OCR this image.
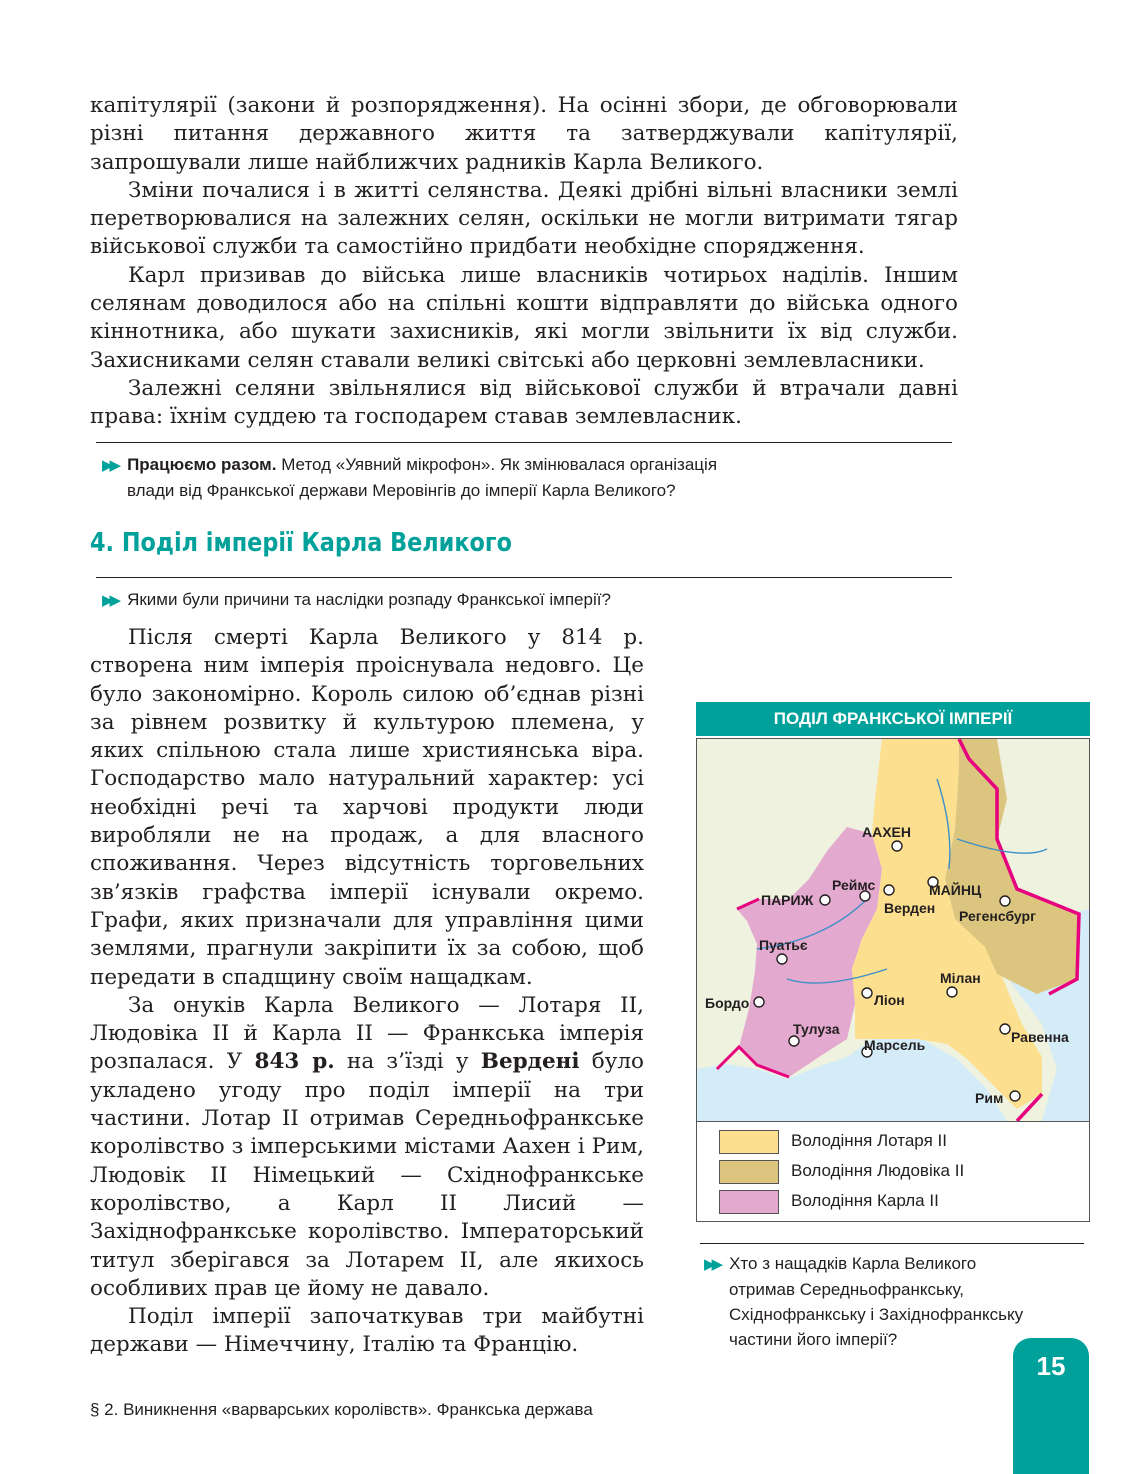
капітулярії (закони й розпорядження). На осінні збори, де обговорювали різні питання державного життя та затверджували капітулярії, запрошували лише найближчих радників Карла Великого.

Зміни почалися і в житті селянства. Деякі дрібні вільні власники землі перетворювалися на залежних селян, оскільки не могли витримати тягар військової служби та самостійно придбати необхідне спорядження.

Карл призивав до війська лише власників чотирьох наділів. Іншим селянам доводилося або на спільні кошти відправляти до війська одного кіннотника, або шукати захисників, які могли звільнити їх від служби. Захисниками селян ставали великі світські або церковні землевласники.

Залежні селяни звільнялися від військової служби й втрачали давні права: їхнім суддею та господарем ставав землевласник.

▶▶ Працюємо разом. Метод «Уявний мікрофон». Як змінювалася організація
влади від Франкської держави Меровінгів до імперії Карла Великого?
4. Поділ імперії Карла Великого
▶▶ Якими були причини та наслідки розпаду Франкської імперії?

Після смерті Карла Великого у 814 р. створена ним імперія проіснувала недовго. Це було закономірно. Король силою об’єднав різні за рівнем розвитку й культурою племена, у яких спільною стала лише християнська віра. Господарство мало натуральний характер: усі необхідні речі та харчові продукти люди виробляли не на продаж, а для власного споживання. Через відсутність торговельних зв’язків графства імперії існували окремо. Графи, яких призначали для управління цими землями, прагнули закріпити їх за собою, щоб передати в спадщину своїм нащадкам.

За онуків Карла Великого — Лотаря II, Людовіка II й Карла II — Франкська імперія розпалася. У 843 р. на з’їзді у Вердені було укладено угоду про поділ імперії на три частини. Лотар II отримав Середньофранкське королівство з імперськими містами Аахен і Рим, Людовік II Німецький — Східнофранкське королівство, а Карл II Лисий — Західнофранкське королівство. Імператорський титул зберігався за Лотарем II, але якихось особливих прав це йому не давало.

Поділ імперії започаткував три майбутні держави — Німеччину, Італію та Францію.

ПОДІЛ ФРАНКСЬКОЇ ІМПЕРІЇ
ААХЕН
ПАРИЖ
Реймс	МАЙНЦ
Верден Регенсбург
Пуатьє
Мілан
Ліон
Бордо
Тулуза
Марсель	Равенна
Рим
Володіння Лотаря II
Володіння Людовіка II
Володіння Карла II
▶▶ Хто з нащадків Карла Великого
отримав Середньофранкську,
Східнофранкську і Західнофранкську
частини його імперії?
§ 2. Виникнення «варварських королівств». Франкська держава
15
